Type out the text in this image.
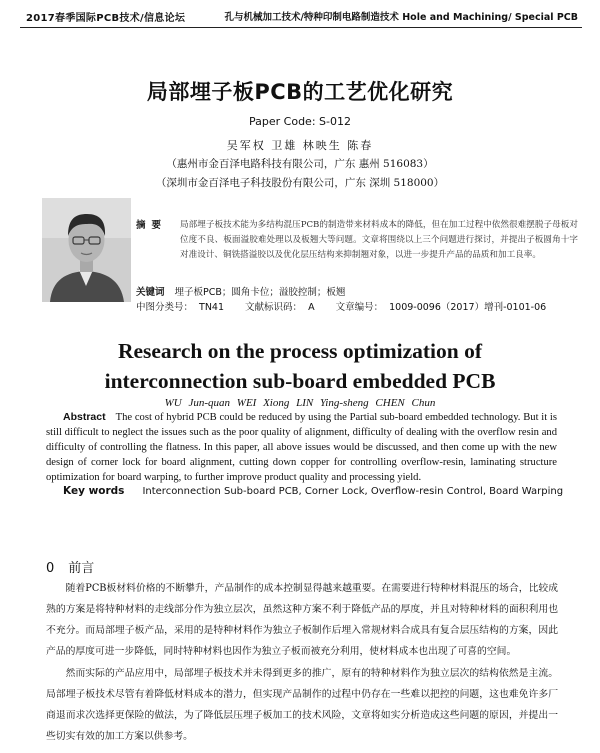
2017春季国际PCB技术/信息论坛	孔与机械加工技术/特种印制电路制造技术 Hole and Machining/ Special PCB
局部埋子板PCB的工艺优化研究
Paper Code: S-012
吴军权 卫雄 林映生 陈春
（惠州市金百泽电路科技有限公司，广东 惠州 516083）
（深圳市金百泽电子科技股份有限公司，广东 深圳 518000）
摘要 局部埋子板技术能为多结构混压PCB的制造带来材料成本的降低，但在加工过程中依然很难摆脱子母板对位度不良、板面溢胶难处理以及板翘大等问题。文章将围绕以上三个问题进行探讨，并提出子板圆角十字对准设计、铜铣搭溢胶以及优化层压结构来抑制翘对象，以进一步提升产品的品质和加工良率。
关键词 埋子板PCB；圆角卡位；溢胶控制；板翘
中图分类号： TN41 文献标识码： A 文章编号： 1009-0096（2017）增刊-0101-06
Research on the process optimization of
interconnection sub-board embedded PCB
WU Jun-quan WEI Xiong LIN Ying-sheng CHEN Chun
Abstract The cost of hybrid PCB could be reduced by using the Partial sub-board embedded technology. But it is still difficult to neglect the issues such as the poor quality of alignment, difficulty of dealing with the overflow resin and difficulty of controlling the flatness. In this paper, all above issues would be discussed, and then come up with the new design of corner lock for board alignment, cutting down copper for controlling overflow-resin, laminating structure optimization for board warping, to further improve product quality and processing yield.
Key words Interconnection Sub-board PCB, Corner Lock, Overflow-resin Control, Board Warping
0 前言
随着PCB板材料价格的不断攀升，产品制作的成本控制显得越来越重要。在需要进行特种材料混压的场合，比较成熟的方案是将特种材料的走线部分作为独立层次，虽然这种方案不利于降低产品的厚度，并且对特种材料的面积利用也不充分。而局部埋子板产品，采用的是特种材料作为独立子板制作后埋入常规材料合成具有复合层压结构的方案，因此产品的厚度可进一步降低，同时特种材料也因作为独立子板而被充分利用，使材料成本也出现了可喜的空间。
然而实际的产品应用中，局部埋子板技术并未得到更多的推广，原有的特种材料作为独立层次的结构依然是主流。局部埋子板技术尽管有着降低材料成本的潜力，但实现产品制作的过程中仍存在一些难以把控的问题，这也难免许多厂商退而求次选择更保险的做法，为了降低层压埋子板加工的技术风险，文章将如实分析造成这些问题的原因，并提出一些切实有效的加工方案以供参考。
